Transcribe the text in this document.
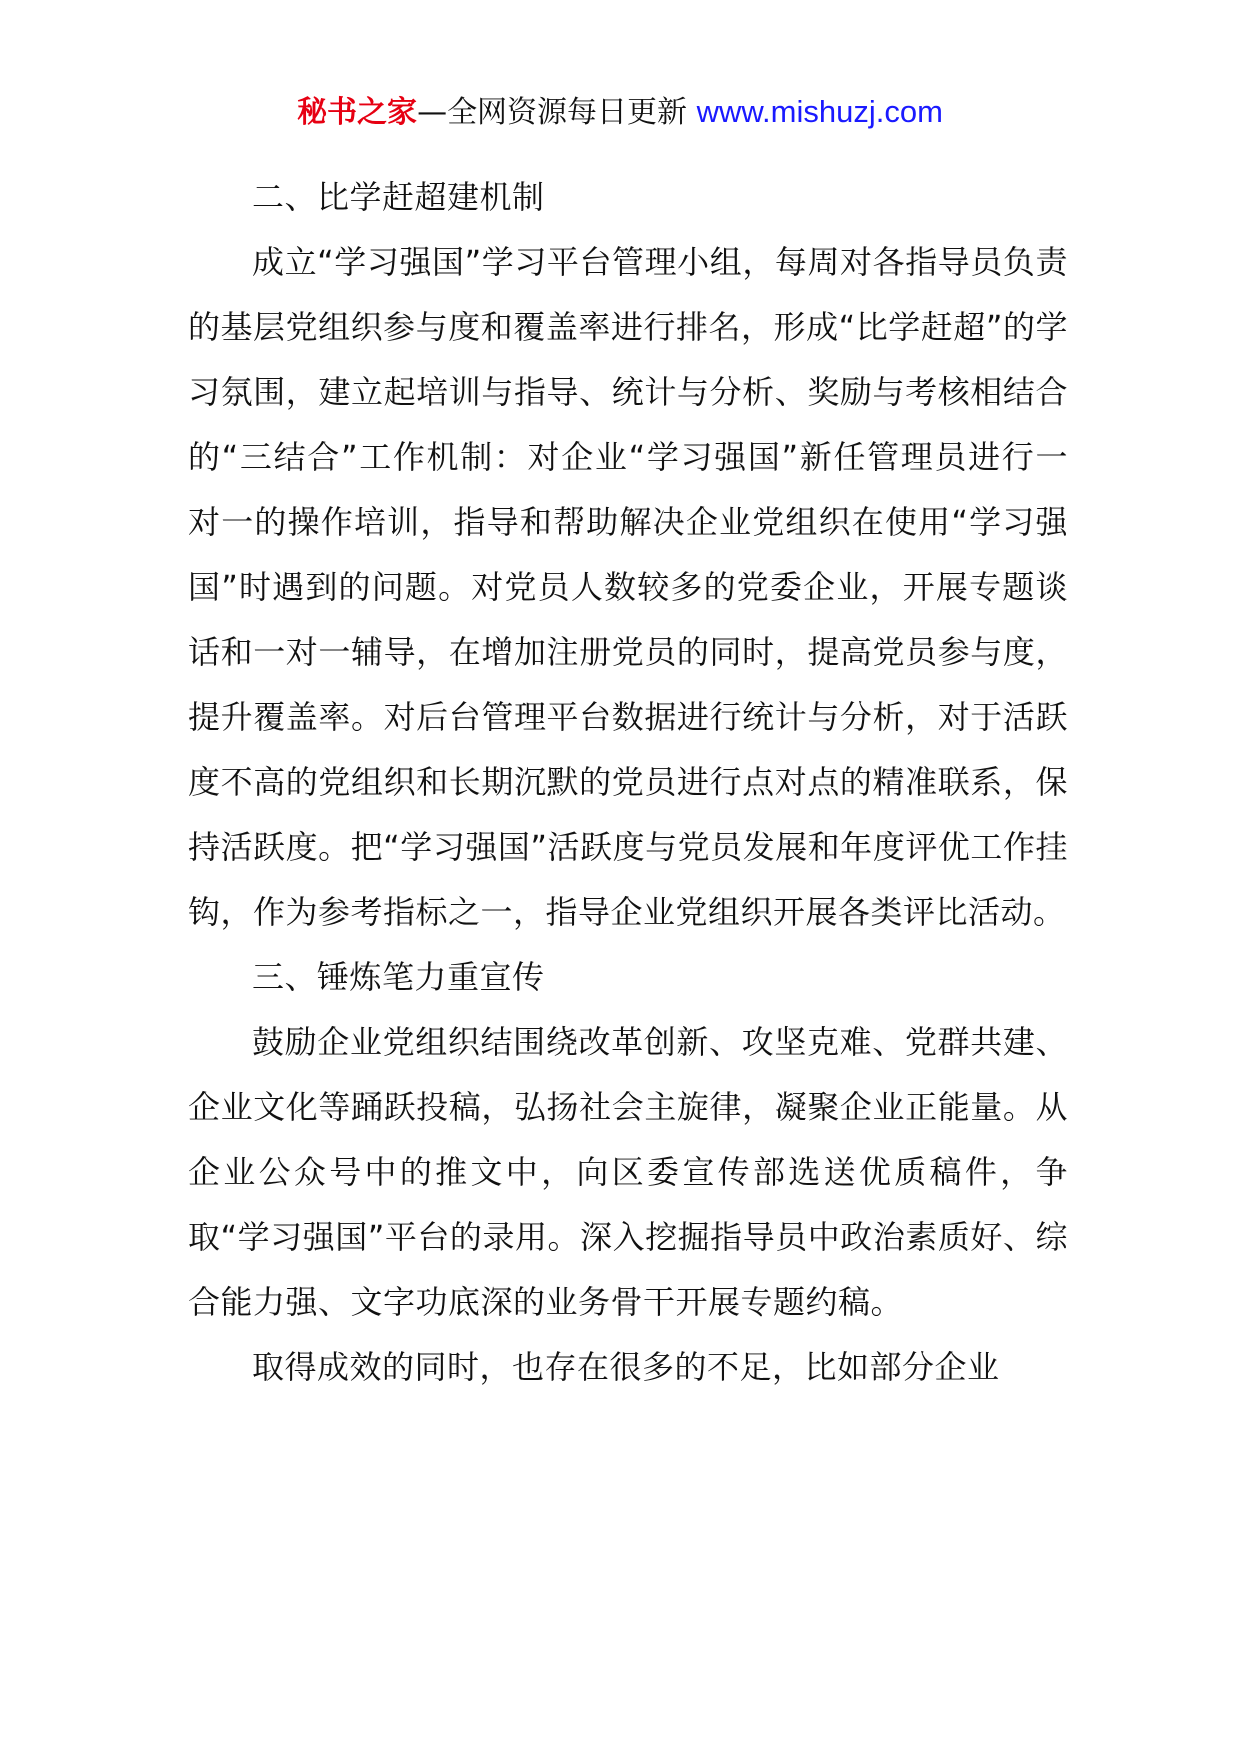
秘书之家—全网资源每日更新 www.mishuzj.com

二、比学赶超建机制

成立“学习强国”学习平台管理小组，每周对各指导员负责的基层党组织参与度和覆盖率进行排名，形成“比学赶超”的学习氛围，建立起培训与指导、统计与分析、奖励与考核相结合的“三结合”工作机制：对企业“学习强国”新任管理员进行一对一的操作培训，指导和帮助解决企业党组织在使用“学习强国”时遇到的问题。对党员人数较多的党委企业，开展专题谈话和一对一辅导，在增加注册党员的同时，提高党员参与度，提升覆盖率。对后台管理平台数据进行统计与分析，对于活跃度不高的党组织和长期沉默的党员进行点对点的精准联系，保持活跃度。把“学习强国”活跃度与党员发展和年度评优工作挂钩，作为参考指标之一，指导企业党组织开展各类评比活动。

三、锤炼笔力重宣传

鼓励企业党组织结围绕改革创新、攻坚克难、党群共建、企业文化等踊跃投稿，弘扬社会主旋律，凝聚企业正能量。从企业公众号中的推文中，向区委宣传部选送优质稿件，争取“学习强国”平台的录用。深入挖掘指导员中政治素质好、综合能力强、文字功底深的业务骨干开展专题约稿。

取得成效的同时，也存在很多的不足，比如部分企业
